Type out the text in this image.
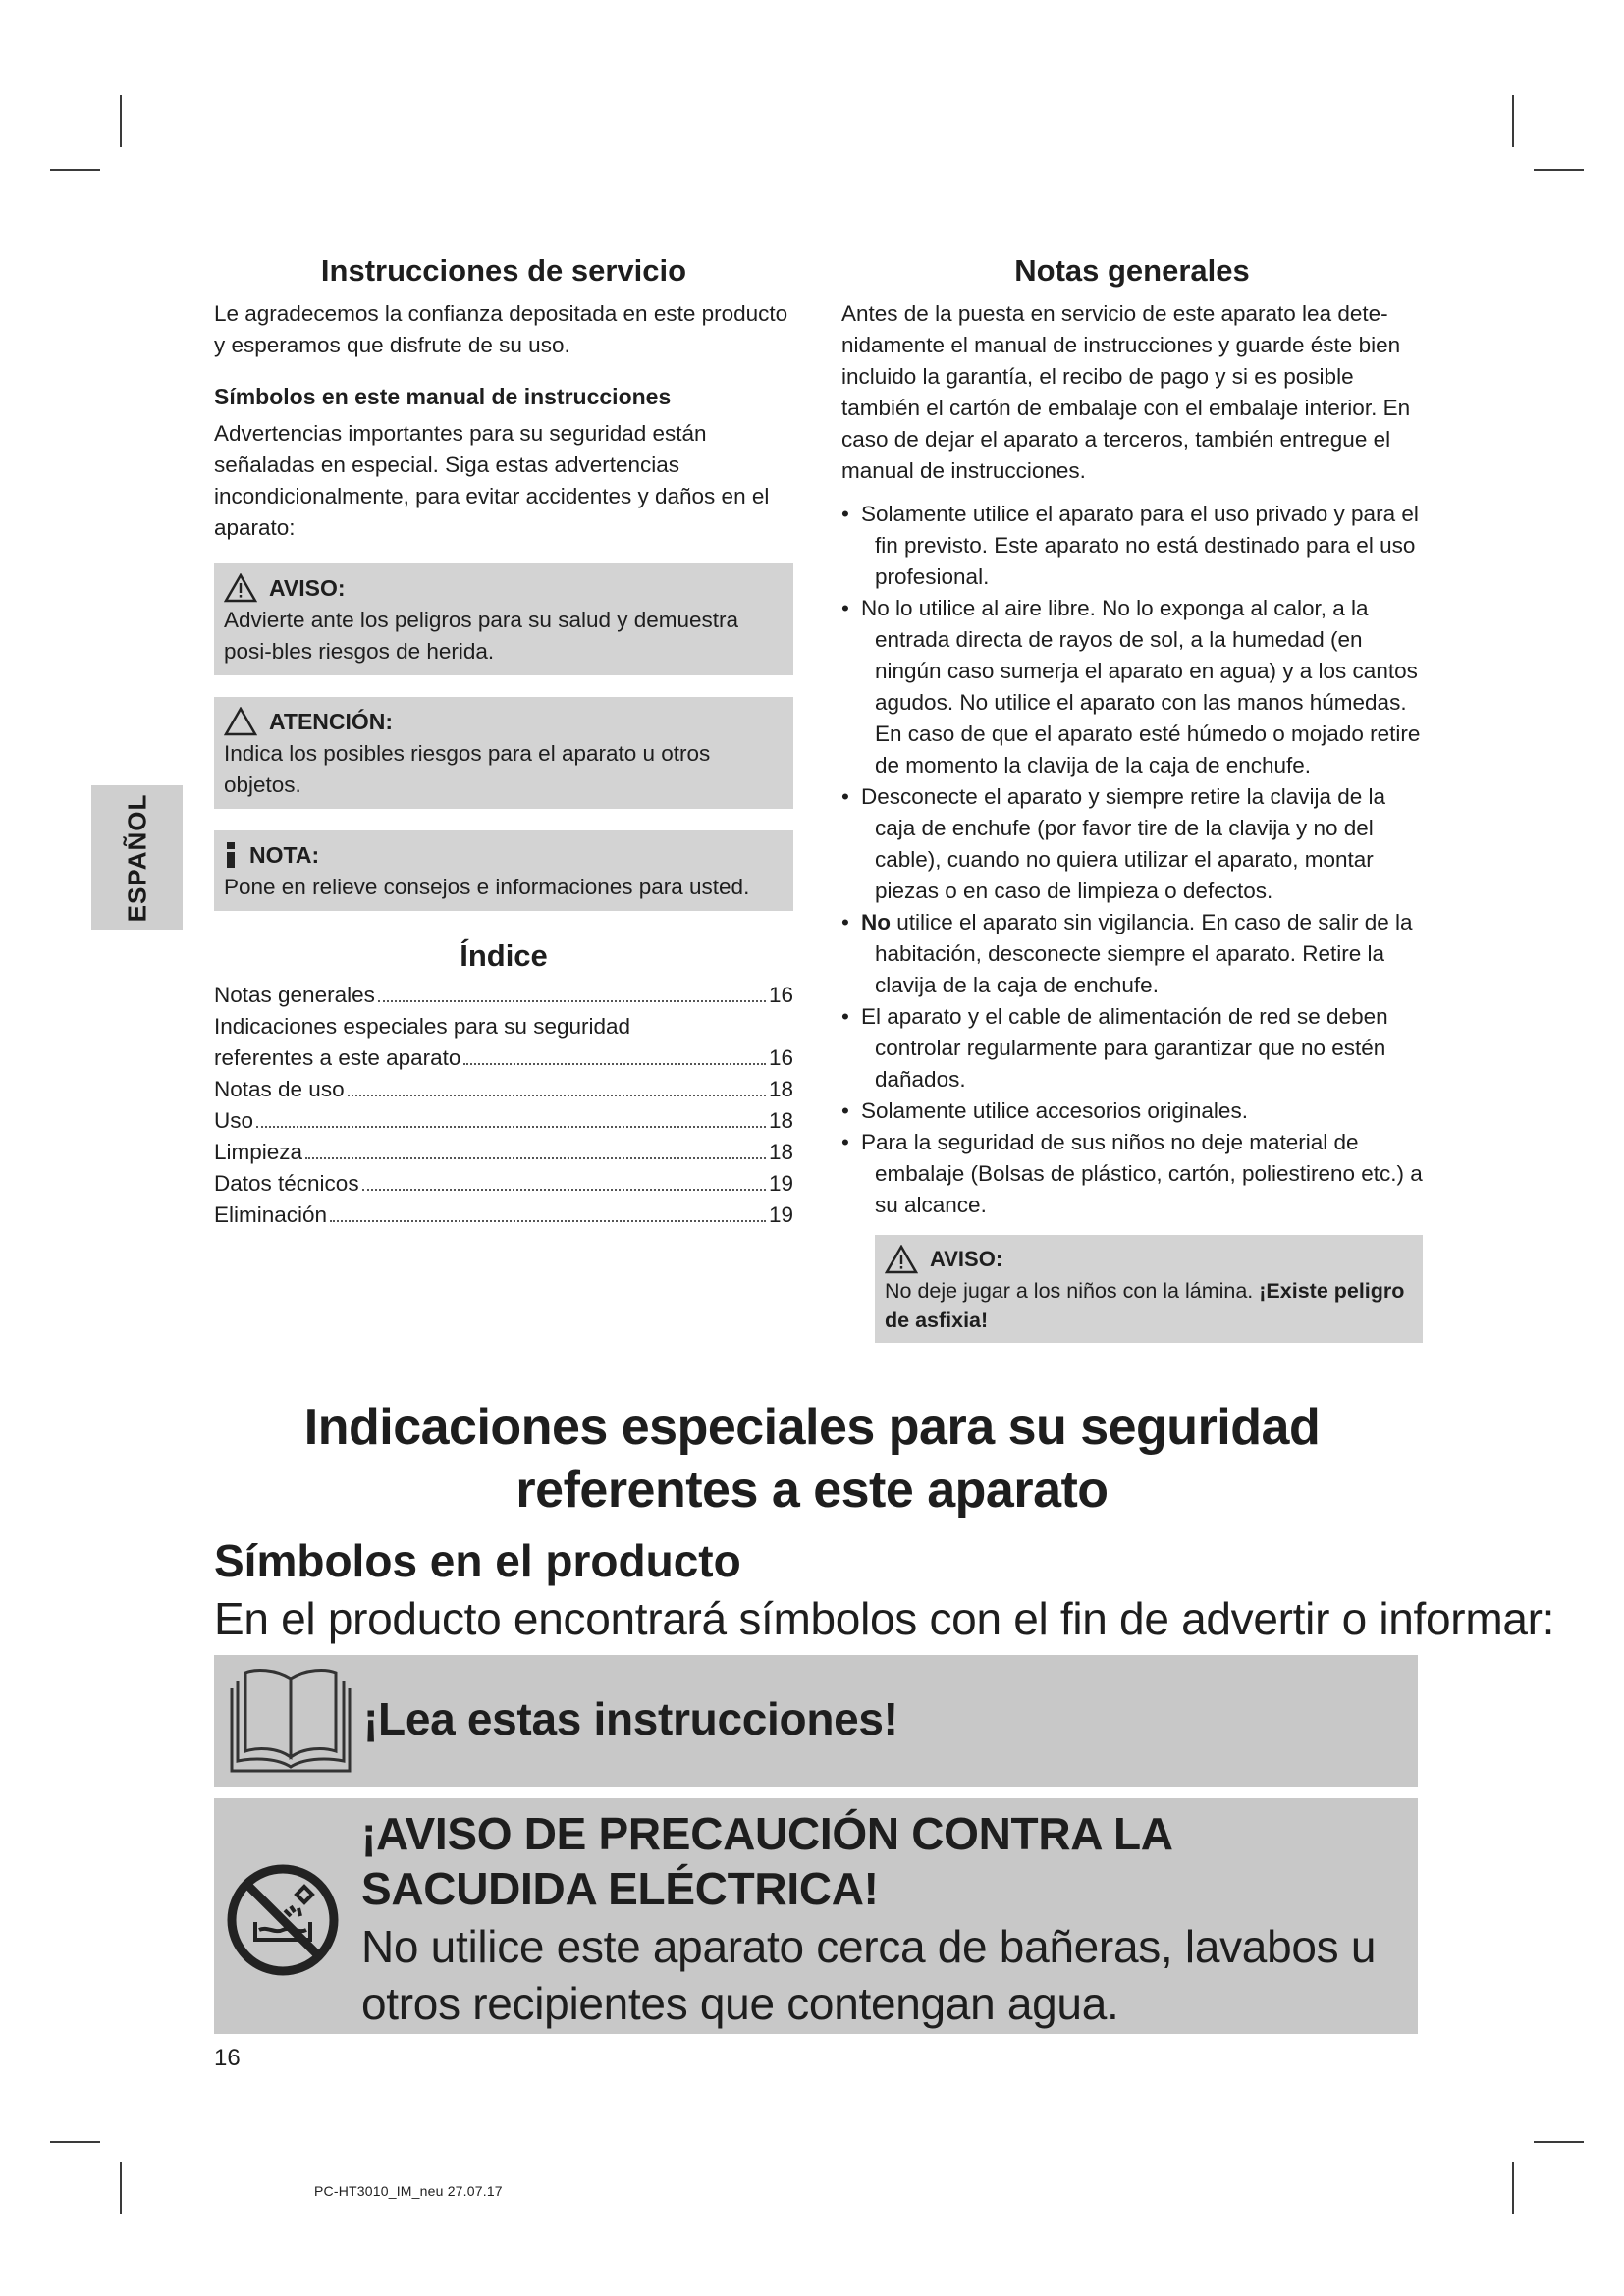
ESPAÑOL
Instrucciones de servicio

Le agradecemos la confianza depositada en este producto y esperamos que disfrute de su uso.

Símbolos en este manual de instrucciones

Advertencias importantes para su seguridad están señaladas en especial. Siga estas advertencias incondicionalmente, para evitar accidentes y daños en el aparato:

AVISO:
Advierte ante los peligros para su salud y demuestra posi-bles riesgos de herida.
ATENCIÓN:
Indica los posibles riesgos para el aparato u otros objetos.
NOTA:
Pone en relieve consejos e informaciones para usted.
Índice
Notas generales	16
Indicaciones especiales para su seguridad
referentes a este aparato	16
Notas de uso	18
Uso	18
Limpieza	18
Datos técnicos	19
Eliminación	19
Notas generales

Antes de la puesta en servicio de este aparato lea dete-nidamente el manual de instrucciones y guarde éste bien incluido la garantía, el recibo de pago y si es posible también el cartón de embalaje con el embalaje interior. En caso de dejar el aparato a terceros, también entregue el manual de instrucciones.

• Solamente utilice el aparato para el uso privado y para el fin previsto. Este aparato no está destinado para el uso profesional.
• No lo utilice al aire libre. No lo exponga al calor, a la entrada directa de rayos de sol, a la humedad (en ningún caso sumerja el aparato en agua) y a los cantos agudos. No utilice el aparato con las manos húmedas. En caso de que el aparato esté húmedo o mojado retire de momento la clavija de la caja de enchufe.
• Desconecte el aparato y siempre retire la clavija de la caja de enchufe (por favor tire de la clavija y no del cable), cuando no quiera utilizar el aparato, montar piezas o en caso de limpieza o defectos.
• No utilice el aparato sin vigilancia. En caso de salir de la habitación, desconecte siempre el aparato. Retire la clavija de la caja de enchufe.
• El aparato y el cable de alimentación de red se deben controlar regularmente para garantizar que no estén dañados.
• Solamente utilice accesorios originales.
• Para la seguridad de sus niños no deje material de embalaje (Bolsas de plástico, cartón, poliestireno etc.) a su alcance.
AVISO:
No deje jugar a los niños con la lámina. ¡Existe peligro de asfixia!
Indicaciones especiales para su seguridad
referentes a este aparato
Símbolos en el producto
En el producto encontrará símbolos con el fin de advertir o informar:
¡Lea estas instrucciones!
¡AVISO DE PRECAUCIÓN CONTRA LA SACUDIDA ELÉCTRICA!
No utilice este aparato cerca de bañeras, lavabos u otros recipientes que contengan agua.
16
PC-HT3010_IM_neu 27.07.17
